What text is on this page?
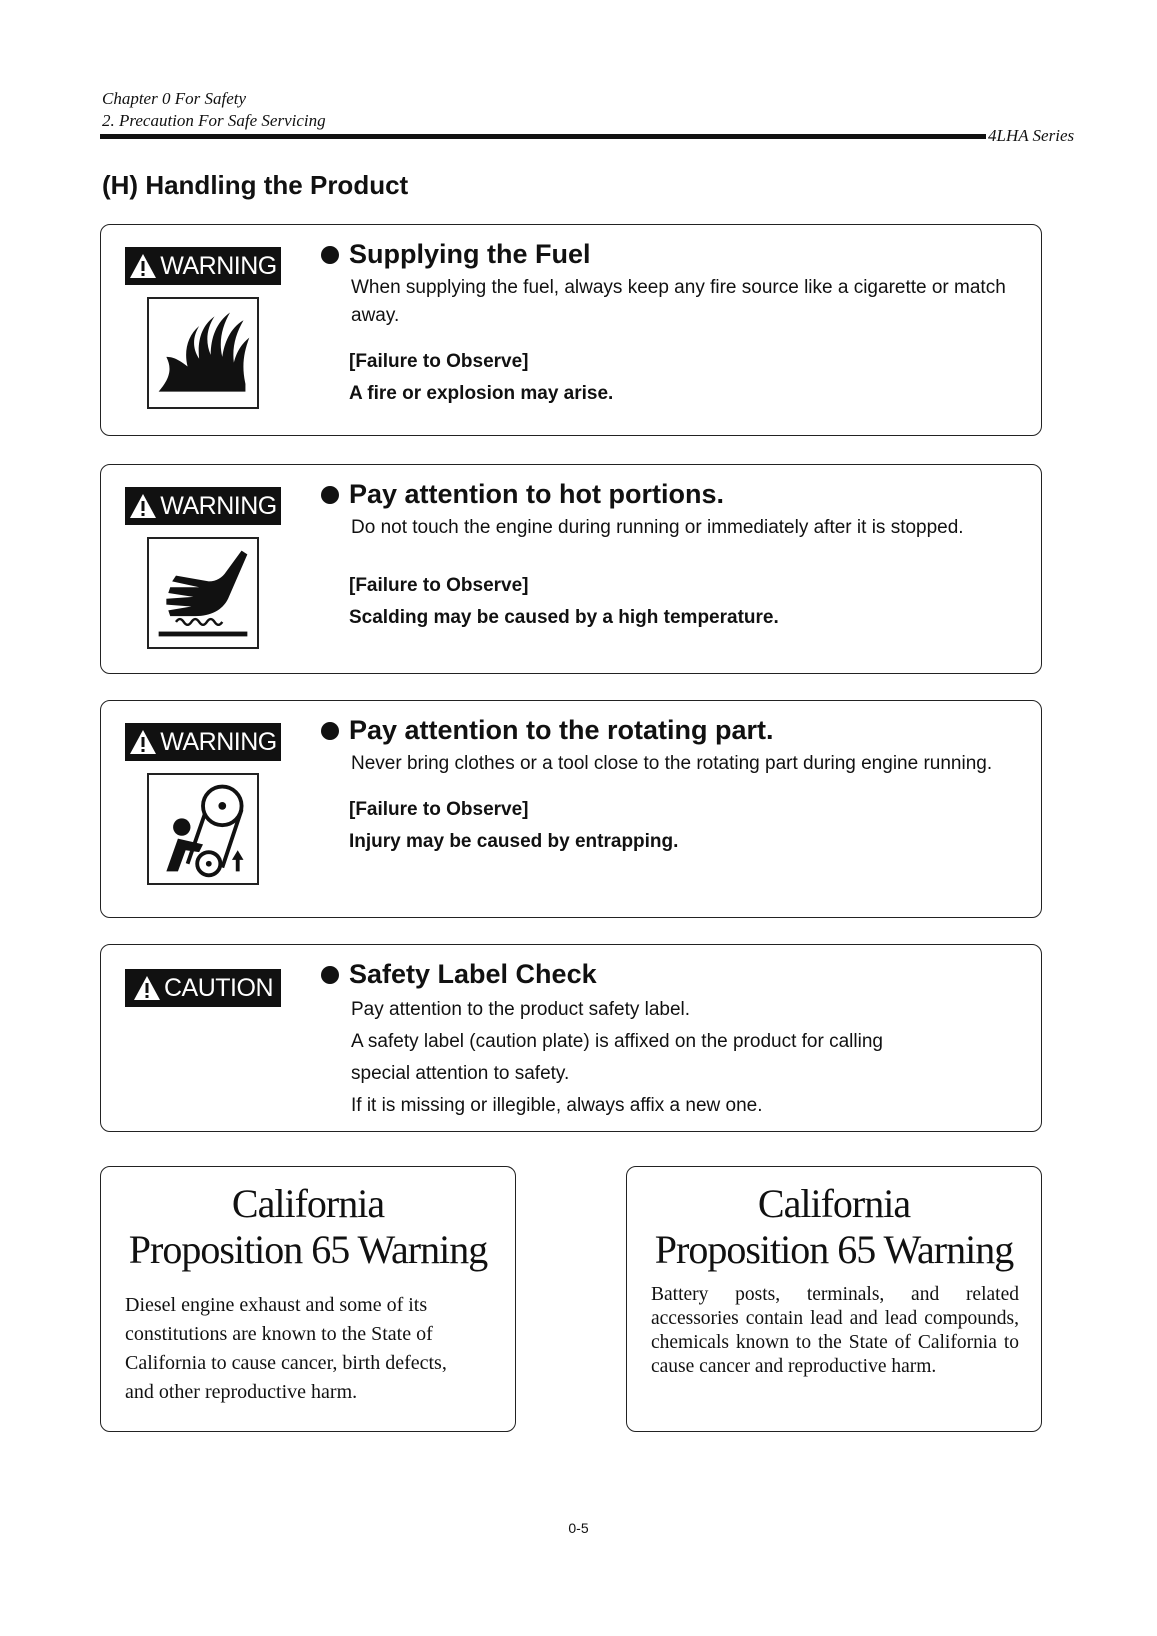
Chapter 0 For Safety
2. Precaution For Safe Servicing
4LHA Series
(H) Handling the Product
WARNING	Supplying the Fuel

When supplying the fuel, always keep any fire source like a cigarette or match away.

[Failure to Observe]
A fire or explosion may arise.
WARNING	Pay attention to hot portions.

Do not touch the engine during running or immediately after it is stopped.

[Failure to Observe]
Scalding may be caused by a high temperature.
WARNING	Pay attention to the rotating part.

Never bring clothes or a tool close to the rotating part during engine running.

[Failure to Observe]
Injury may be caused by entrapping.
CAUTION	Safety Label Check
Pay attention to the product safety label.
A safety label (caution plate) is affixed on the product for calling
special attention to safety.
If it is missing or illegible, always affix a new one.
California
Proposition 65 Warning
Diesel engine exhaust and some of its
constitutions are known to the State of
California to cause cancer, birth defects,
and other reproductive harm.
California
Proposition 65 Warning
Battery posts, terminals, and related accessories contain lead and lead compounds, chemicals known to the State of California to cause cancer and reproductive harm.
0-5
